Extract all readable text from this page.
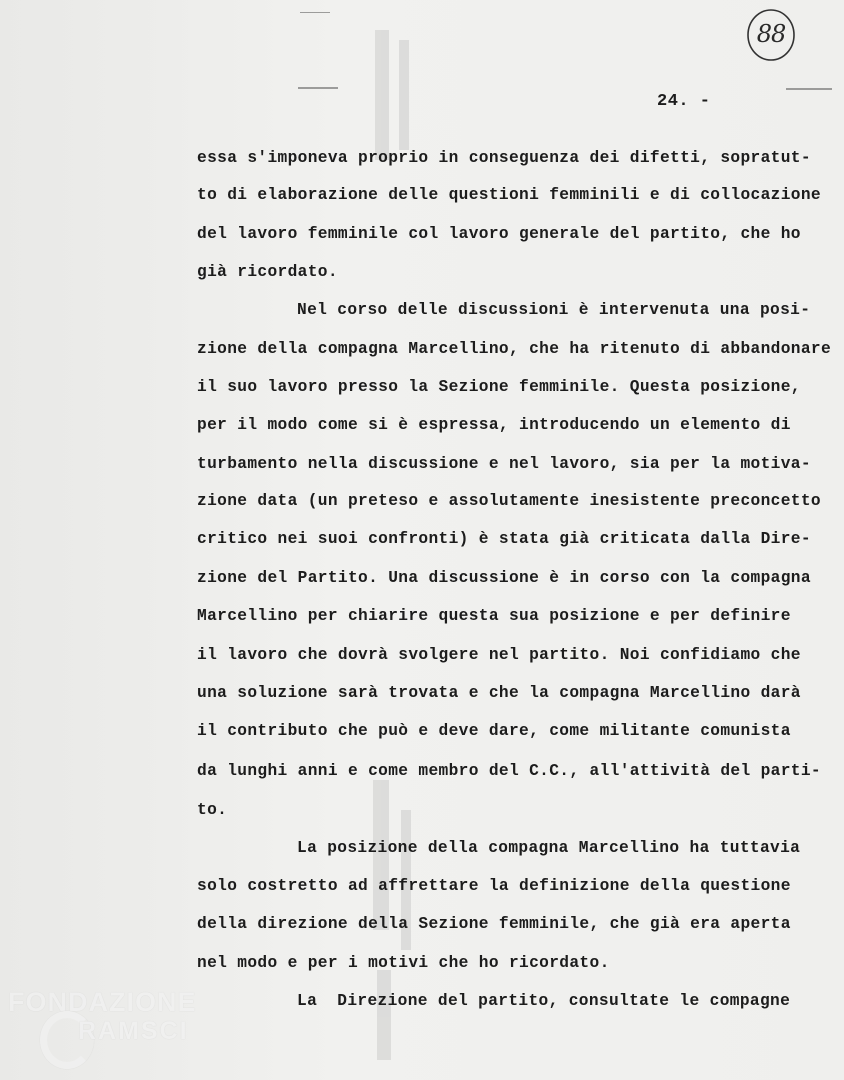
88
24. -
essa s'imponeva proprio in conseguenza dei difetti, sopratut-
to di elaborazione delle questioni femminili e di collocazione
del lavoro femminile col lavoro generale del partito, che ho
già ricordato.
Nel corso delle discussioni è intervenuta una posi-
zione della compagna Marcellino, che ha ritenuto di abbandonare
il suo lavoro presso la Sezione femminile. Questa posizione,
per il modo come si è espressa, introducendo un elemento di
turbamento nella discussione e nel lavoro, sia per la motiva-
zione data (un preteso e assolutamente inesistente preconcetto
critico nei suoi confronti) è stata già criticata dalla Dire-
zione del Partito. Una discussione è in corso con la compagna
Marcellino per chiarire questa sua posizione e per definire
il lavoro che dovrà svolgere nel partito. Noi confidiamo che
una soluzione sarà trovata e che la compagna Marcellino darà
il contributo che può e deve dare, come militante comunista
da lunghi anni e come membro del C.C., all'attività del parti-
to.
La posizione della compagna Marcellino ha tuttavia
solo costretto ad affrettare la definizione della questione
della direzione della Sezione femminile, che già era aperta
nel modo e per i motivi che ho ricordato.
La  Direzione del partito, consultate le compagne
FONDAZIONE
RAMSCI
